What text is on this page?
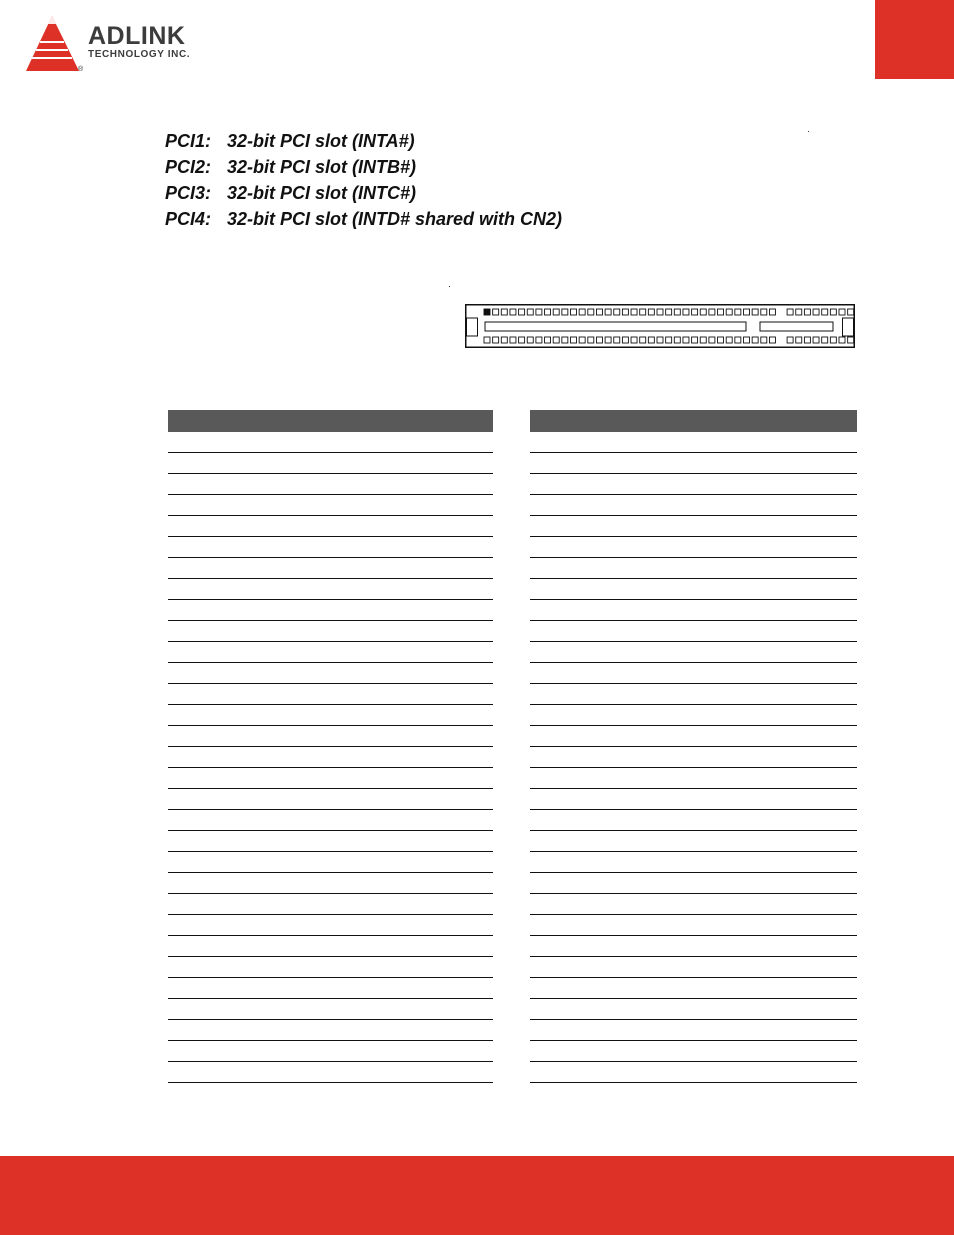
ADLINK
TECHNOLOGY INC.
®
PCI1: 32-bit PCI slot (INTA#)
PCI2: 32-bit PCI slot (INTB#)
PCI3: 32-bit PCI slot (INTC#)
PCI4: 32-bit PCI slot (INTD# shared with CN2)
